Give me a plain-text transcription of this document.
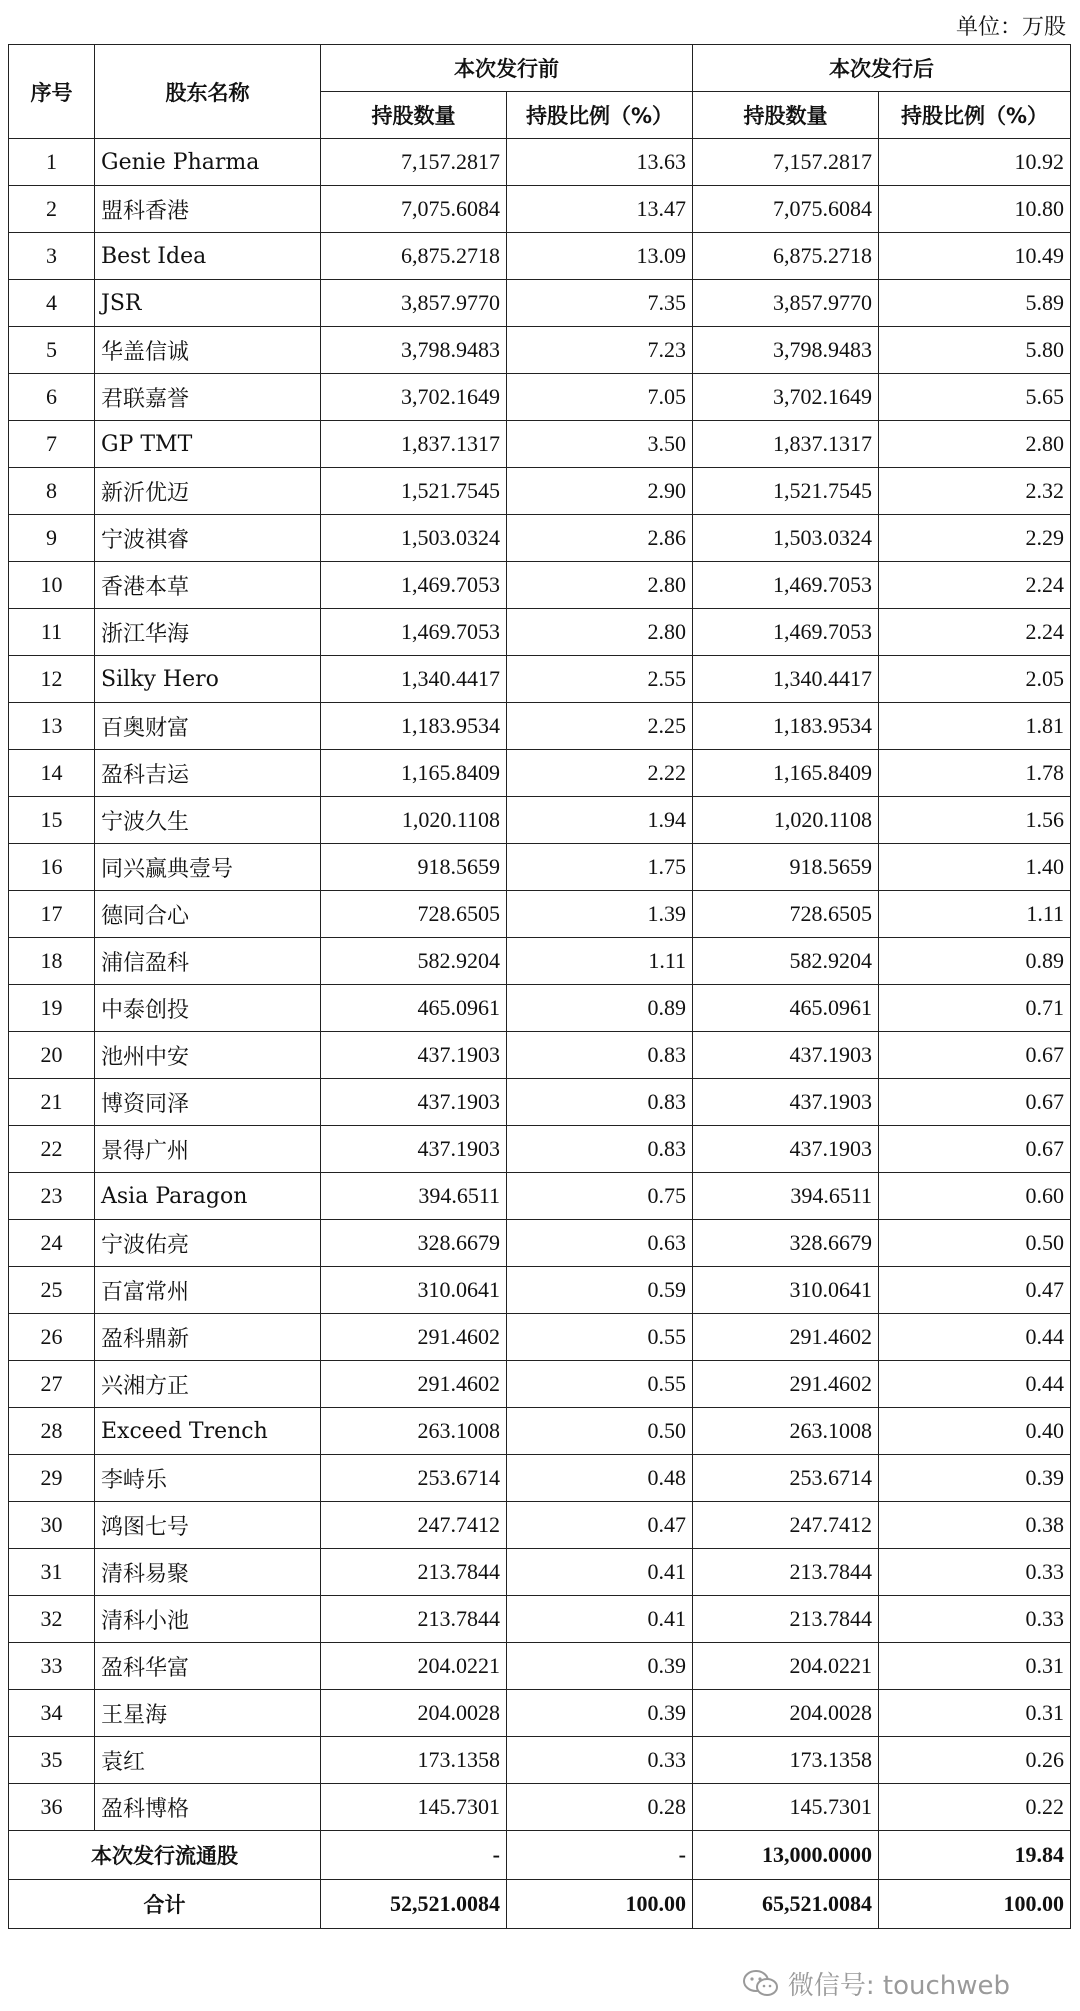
单位：万股
序号	股东名称	本次发行前		本次发行后	
		持股数量	持股比例（%）	持股数量	持股比例（%）
1	Genie Pharma	7,157.2817	13.63	7,157.2817	10.92
2	盟科香港	7,075.6084	13.47	7,075.6084	10.80
3	Best Idea	6,875.2718	13.09	6,875.2718	10.49
4	JSR	3,857.9770	7.35	3,857.9770	5.89
5	华盖信诚	3,798.9483	7.23	3,798.9483	5.80
6	君联嘉誉	3,702.1649	7.05	3,702.1649	5.65
7	GP TMT	1,837.1317	3.50	1,837.1317	2.80
8	新沂优迈	1,521.7545	2.90	1,521.7545	2.32
9	宁波祺睿	1,503.0324	2.86	1,503.0324	2.29
10	香港本草	1,469.7053	2.80	1,469.7053	2.24
11	浙江华海	1,469.7053	2.80	1,469.7053	2.24
12	Silky Hero	1,340.4417	2.55	1,340.4417	2.05
13	百奥财富	1,183.9534	2.25	1,183.9534	1.81
14	盈科吉运	1,165.8409	2.22	1,165.8409	1.78
15	宁波久生	1,020.1108	1.94	1,020.1108	1.56
16	同兴赢典壹号	918.5659	1.75	918.5659	1.40
17	德同合心	728.6505	1.39	728.6505	1.11
18	浦信盈科	582.9204	1.11	582.9204	0.89
19	中泰创投	465.0961	0.89	465.0961	0.71
20	池州中安	437.1903	0.83	437.1903	0.67
21	博资同泽	437.1903	0.83	437.1903	0.67
22	景得广州	437.1903	0.83	437.1903	0.67
23	Asia Paragon	394.6511	0.75	394.6511	0.60
24	宁波佑亮	328.6679	0.63	328.6679	0.50
25	百富常州	310.0641	0.59	310.0641	0.47
26	盈科鼎新	291.4602	0.55	291.4602	0.44
27	兴湘方正	291.4602	0.55	291.4602	0.44
28	Exceed Trench	263.1008	0.50	263.1008	0.40
29	李峙乐	253.6714	0.48	253.6714	0.39
30	鸿图七号	247.7412	0.47	247.7412	0.38
31	清科易聚	213.7844	0.41	213.7844	0.33
32	清科小池	213.7844	0.41	213.7844	0.33
33	盈科华富	204.0221	0.39	204.0221	0.31
34	王星海	204.0028	0.39	204.0028	0.31
35	袁红	173.1358	0.33	173.1358	0.26
36	盈科博格	145.7301	0.28	145.7301	0.22
本次发行流通股		-	-	13,000.0000	19.84
合计		52,521.0084	100.00	65,521.0084	100.00
微信号: touchweb
